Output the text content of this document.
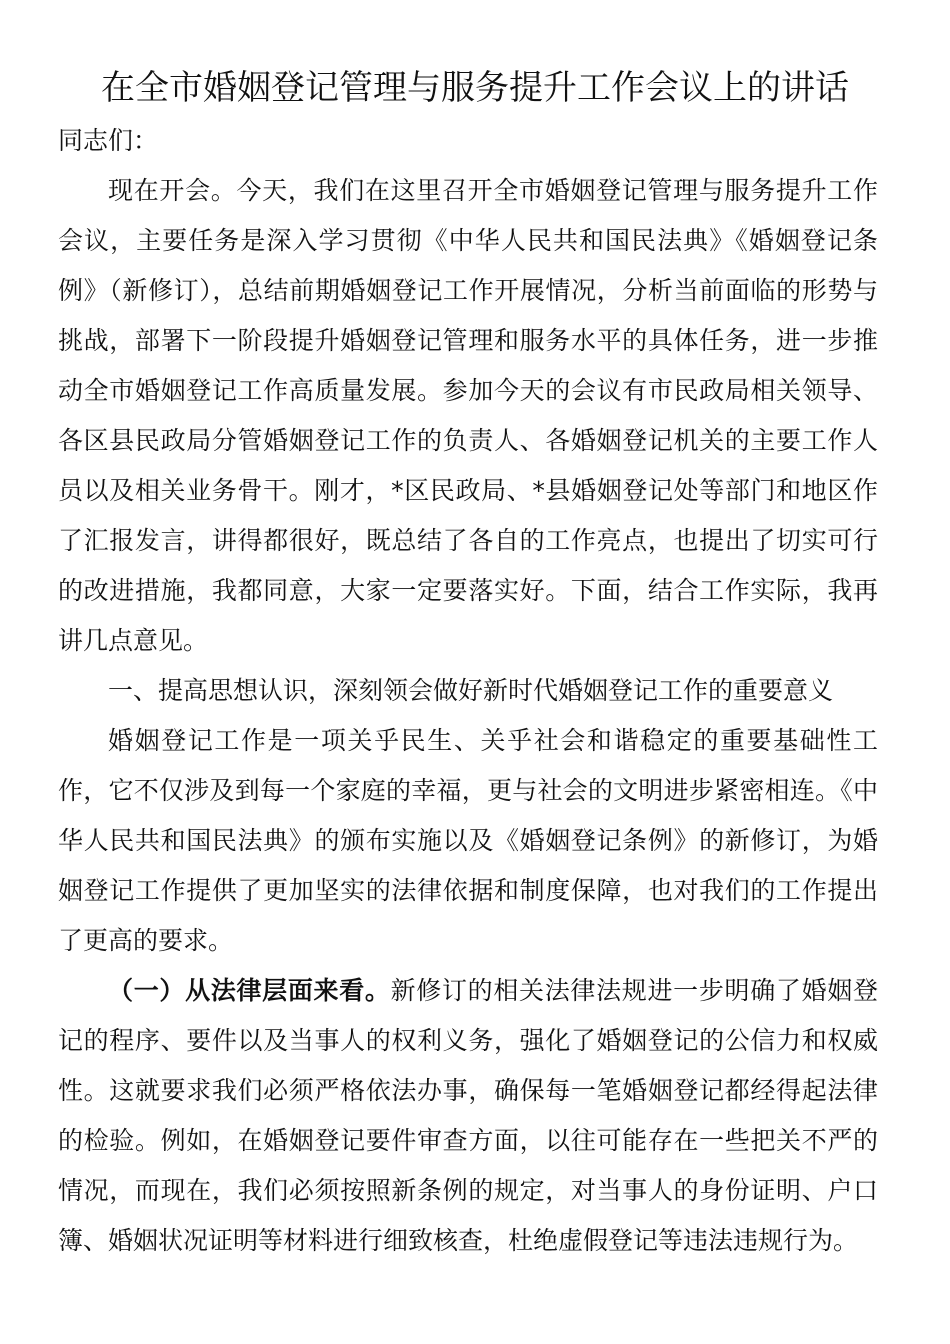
在全市婚姻登记管理与服务提升工作会议上的讲话

同志们：

现在开会。今天，我们在这里召开全市婚姻登记管理与服务提升工作会议，主要任务是深入学习贯彻《中华人民共和国民法典》《婚姻登记条例》（新修订），总结前期婚姻登记工作开展情况，分析当前面临的形势与挑战，部署下一阶段提升婚姻登记管理和服务水平的具体任务，进一步推动全市婚姻登记工作高质量发展。参加今天的会议有市民政局相关领导、各区县民政局分管婚姻登记工作的负责人、各婚姻登记机关的主要工作人员以及相关业务骨干。刚才，*区民政局、*县婚姻登记处等部门和地区作了汇报发言，讲得都很好，既总结了各自的工作亮点，也提出了切实可行的改进措施，我都同意，大家一定要落实好。下面，结合工作实际，我再讲几点意见。

一、提高思想认识，深刻领会做好新时代婚姻登记工作的重要意义

婚姻登记工作是一项关乎民生、关乎社会和谐稳定的重要基础性工作，它不仅涉及到每一个家庭的幸福，更与社会的文明进步紧密相连。《中华人民共和国民法典》的颁布实施以及《婚姻登记条例》的新修订，为婚姻登记工作提供了更加坚实的法律依据和制度保障，也对我们的工作提出了更高的要求。

（一）从法律层面来看。新修订的相关法律法规进一步明确了婚姻登记的程序、要件以及当事人的权利义务，强化了婚姻登记的公信力和权威性。这就要求我们必须严格依法办事，确保每一笔婚姻登记都经得起法律的检验。例如，在婚姻登记要件审查方面，以往可能存在一些把关不严的情况，而现在，我们必须按照新条例的规定，对当事人的身份证明、户口簿、婚姻状况证明等材料进行细致核查，杜绝虚假登记等违法违规行为。
